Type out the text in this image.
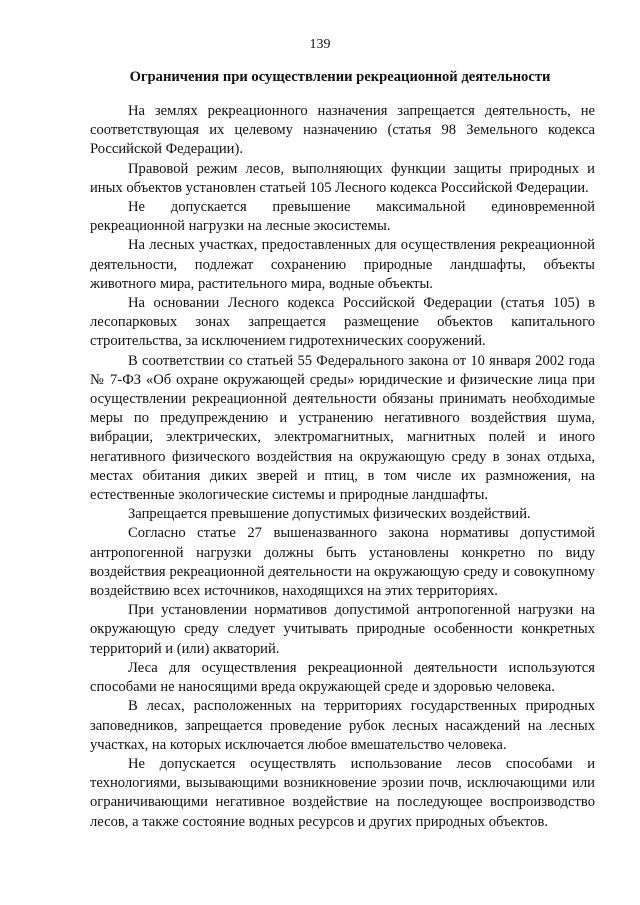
139
Ограничения при осуществлении рекреационной деятельности

На землях рекреационного назначения запрещается деятельность, не соответствующая их целевому назначению (статья 98 Земельного кодекса Российской Федерации).

Правовой режим лесов, выполняющих функции защиты природных и иных объектов установлен статьей 105 Лесного кодекса Российской Федерации.

Не допускается превышение максимальной единовременной рекреационной нагрузки на лесные экосистемы.

На лесных участках, предоставленных для осуществления рекреационной деятельности, подлежат сохранению природные ландшафты, объекты животного мира, растительного мира, водные объекты.

На основании Лесного кодекса Российской Федерации (статья 105) в лесопарковых зонах запрещается размещение объектов капитального строительства, за исключением гидротехнических сооружений.

В соответствии со статьей 55 Федерального закона от 10 января 2002 года № 7-ФЗ «Об охране окружающей среды» юридические и физические лица при осуществлении рекреационной деятельности обязаны принимать необходимые меры по предупреждению и устранению негативного воздействия шума, вибрации, электрических, электромагнитных, магнитных полей и иного негативного физического воздействия на окружающую среду в зонах отдыха, местах обитания диких зверей и птиц, в том числе их размножения, на естественные экологические системы и природные ландшафты.

Запрещается превышение допустимых физических воздействий.

Согласно статье 27 вышеназванного закона нормативы допустимой антропогенной нагрузки должны быть установлены конкретно по виду воздействия рекреационной деятельности на окружающую среду и совокупному воздействию всех источников, находящихся на этих территориях.

При установлении нормативов допустимой антропогенной нагрузки на окружающую среду следует учитывать природные особенности конкретных территорий и (или) акваторий.

Леса для осуществления рекреационной деятельности используются способами не наносящими вреда окружающей среде и здоровью человека.

В лесах, расположенных на территориях государственных природных заповедников, запрещается проведение рубок лесных насаждений на лесных участках, на которых исключается любое вмешательство человека.

Не допускается осуществлять использование лесов способами и технологиями, вызывающими возникновение эрозии почв, исключающими или ограничивающими негативное воздействие на последующее воспроизводство лесов, а также состояние водных ресурсов и других природных объектов.
